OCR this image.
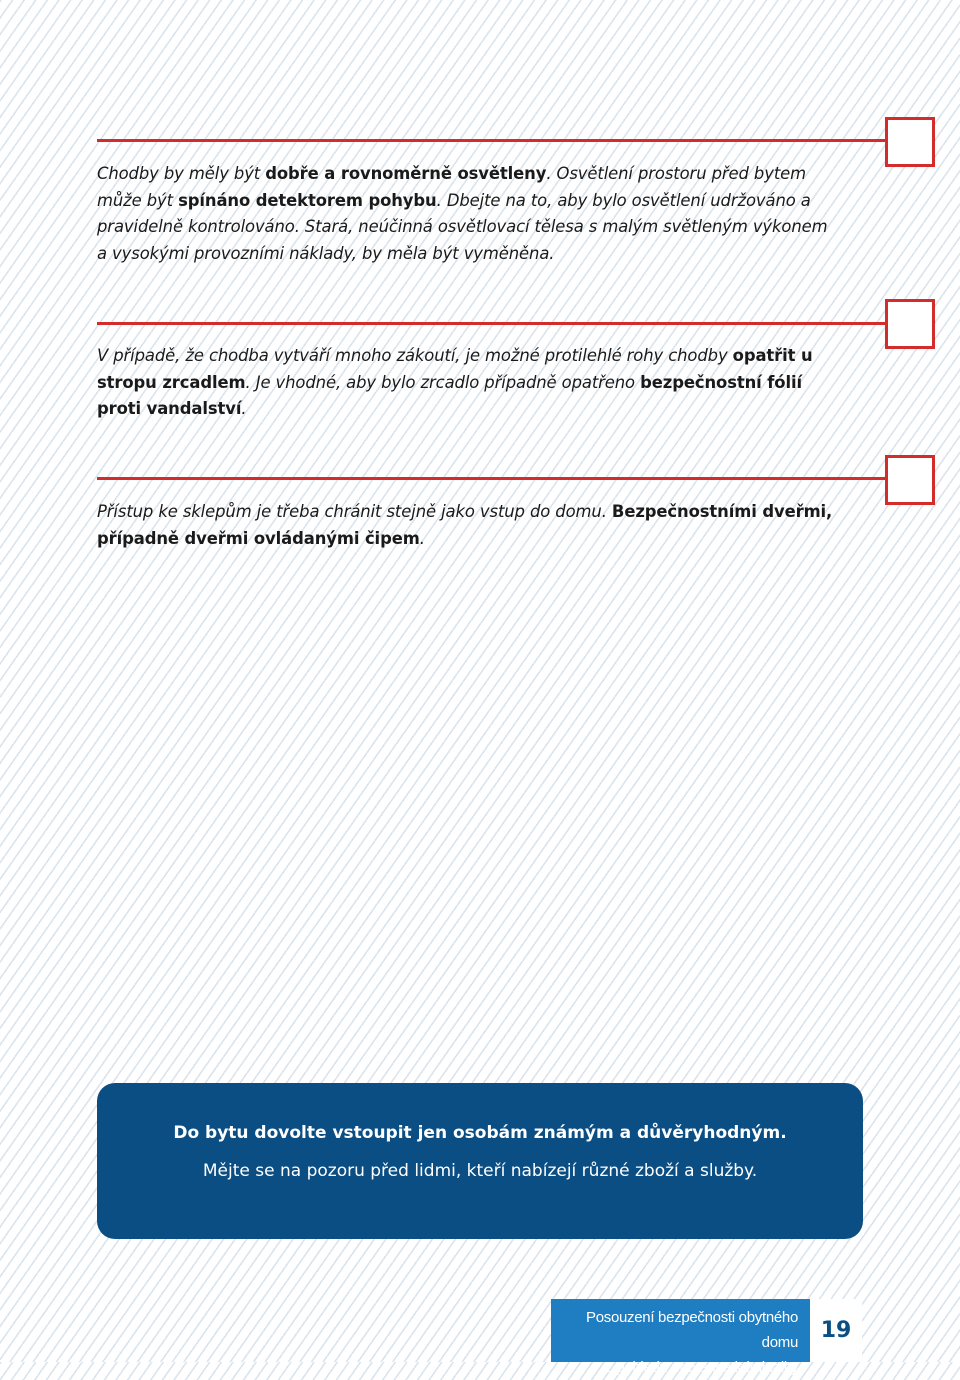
Chodby by měly být dobře a rovnoměrně osvětleny. Osvětlení prostoru před bytem může být spínáno detektorem pohybu. Dbejte na to, aby bylo osvětlení udržováno a pravidelně kontrolováno. Stará, neúčinná osvětlovací tělesa s malým světleným výkonem a vysokými provozními náklady, by měla být vyměněna.
V případě, že chodba vytváří mnoho zákoutí, je možné protilehlé rohy chodby opatřit u stropu zrcadlem. Je vhodné, aby bylo zrcadlo případně opatřeno bezpečnostní fólií proti vandalství.
Přístup ke sklepům je třeba chránit stejně jako vstup do domu. Bezpečnostními dveřmi, případně dveřmi ovládanými čipem.
Do bytu dovolte vstoupit jen osobám známým a důvěryhodným.
Mějte se na pozoru před lidmi, kteří nabízejí různé zboží a služby.
Posouzení bezpečnosti obytného domu
z pohledu prevence kriminality
19
